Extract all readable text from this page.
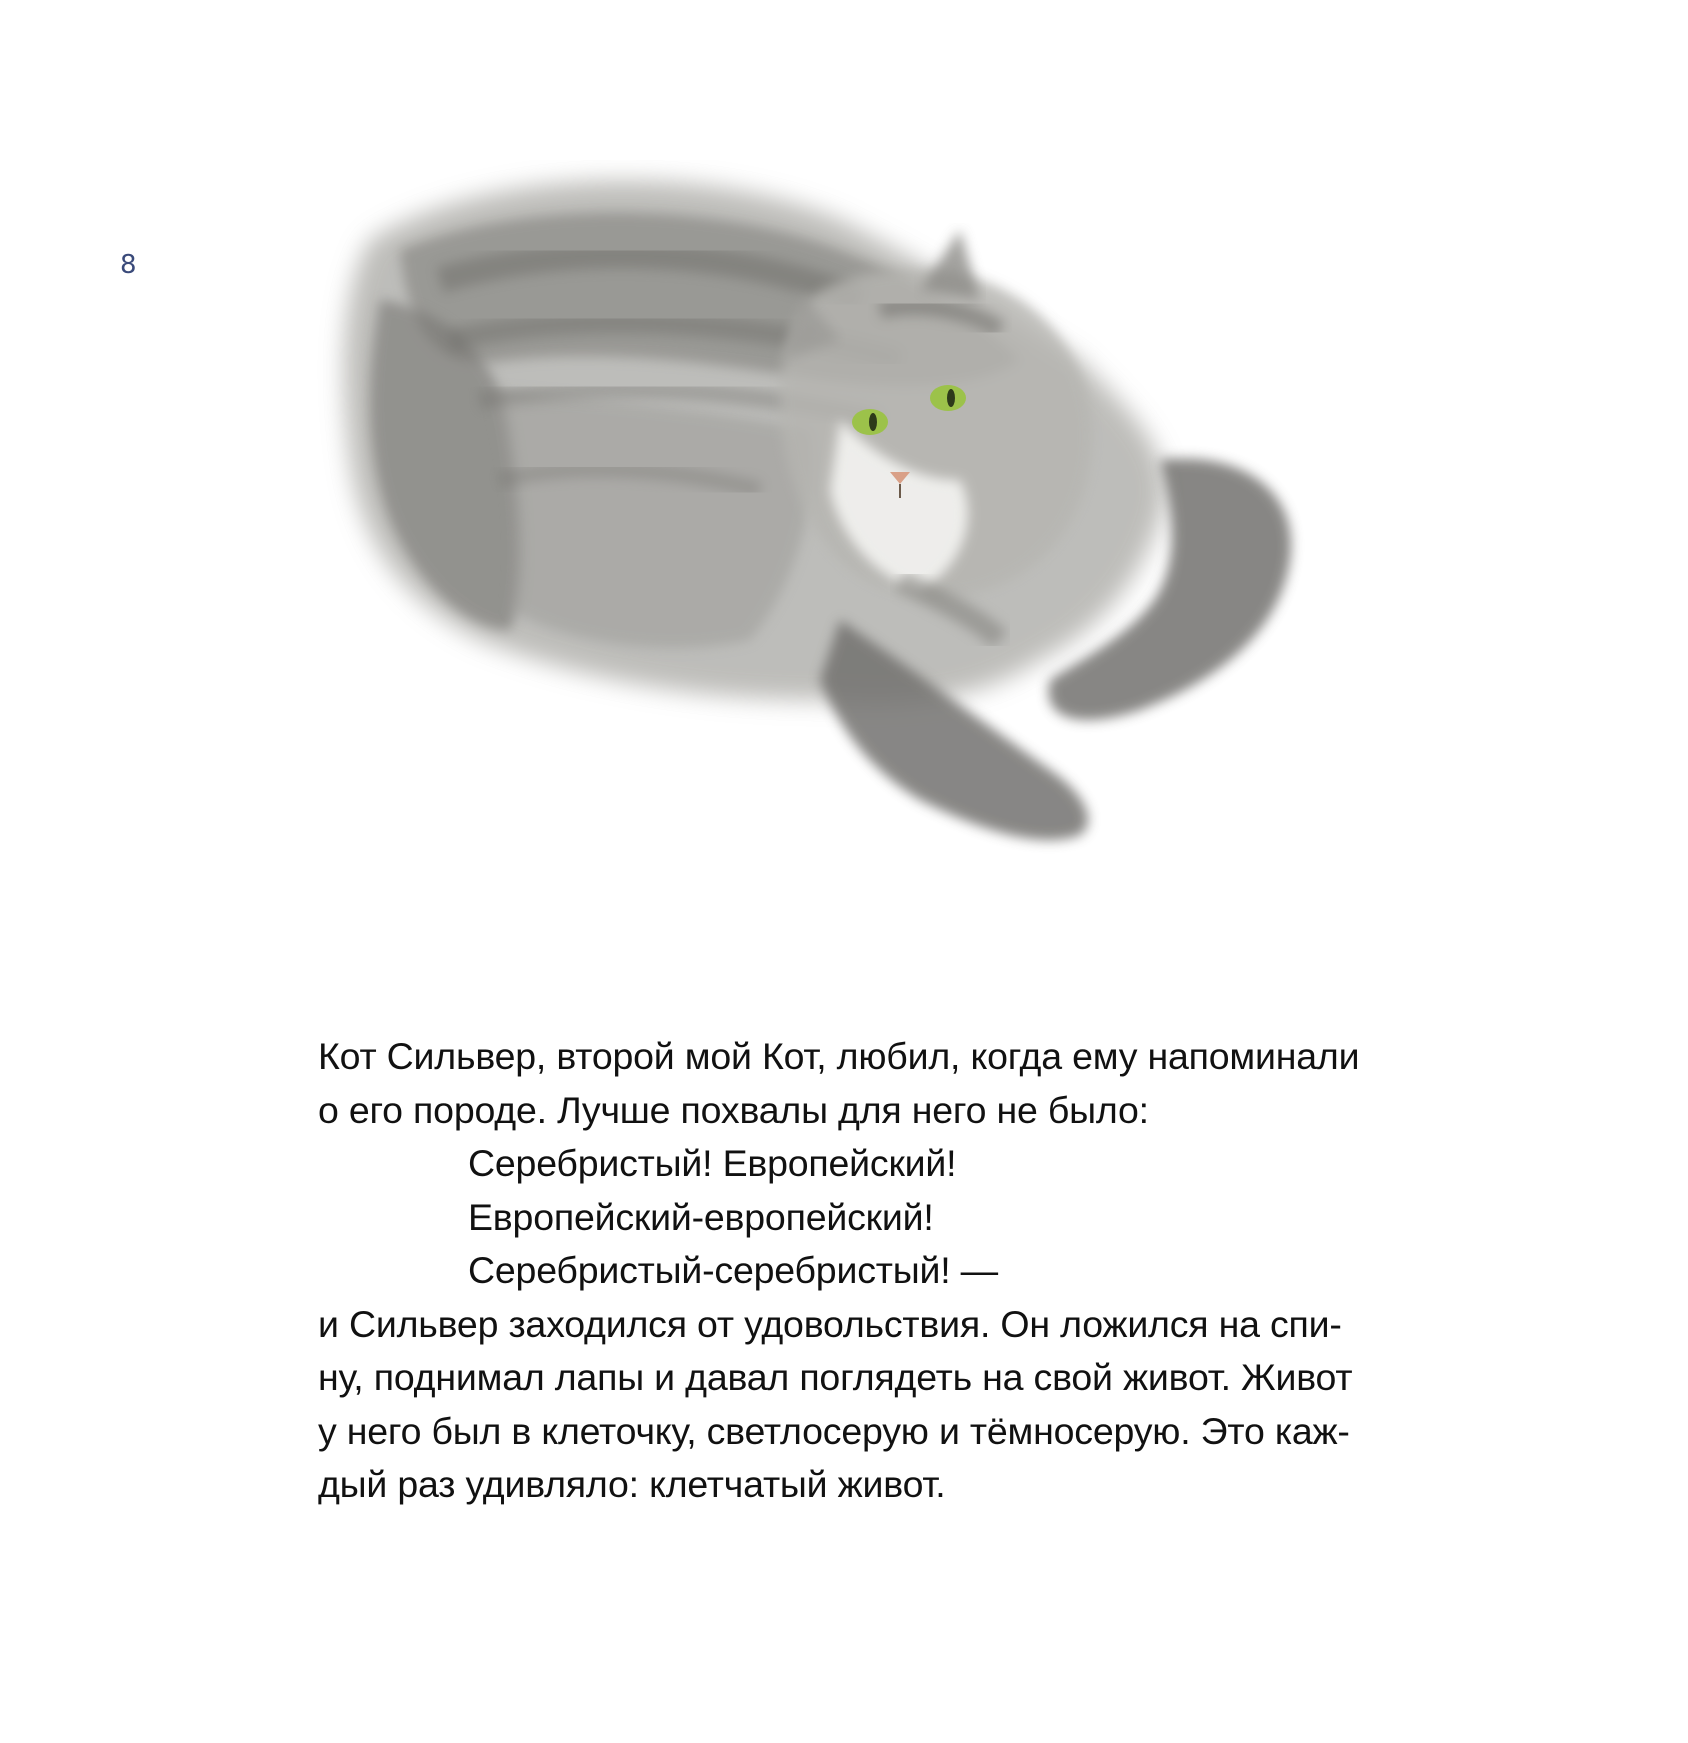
8
Кот Сильвер, второй мой Кот, любил, когда ему напоминали
о его породе. Лучше похвалы для него не было:
Серебристый! Европейский!
Европейский-европейский!
Серебристый-серебристый! —
и Сильвер заходился от удовольствия. Он ложился на спи-
ну, поднимал лапы и давал поглядеть на свой живот. Живот
у него был в клеточку, светлосерую и тёмносерую. Это каж-
дый раз удивляло: клетчатый живот.
